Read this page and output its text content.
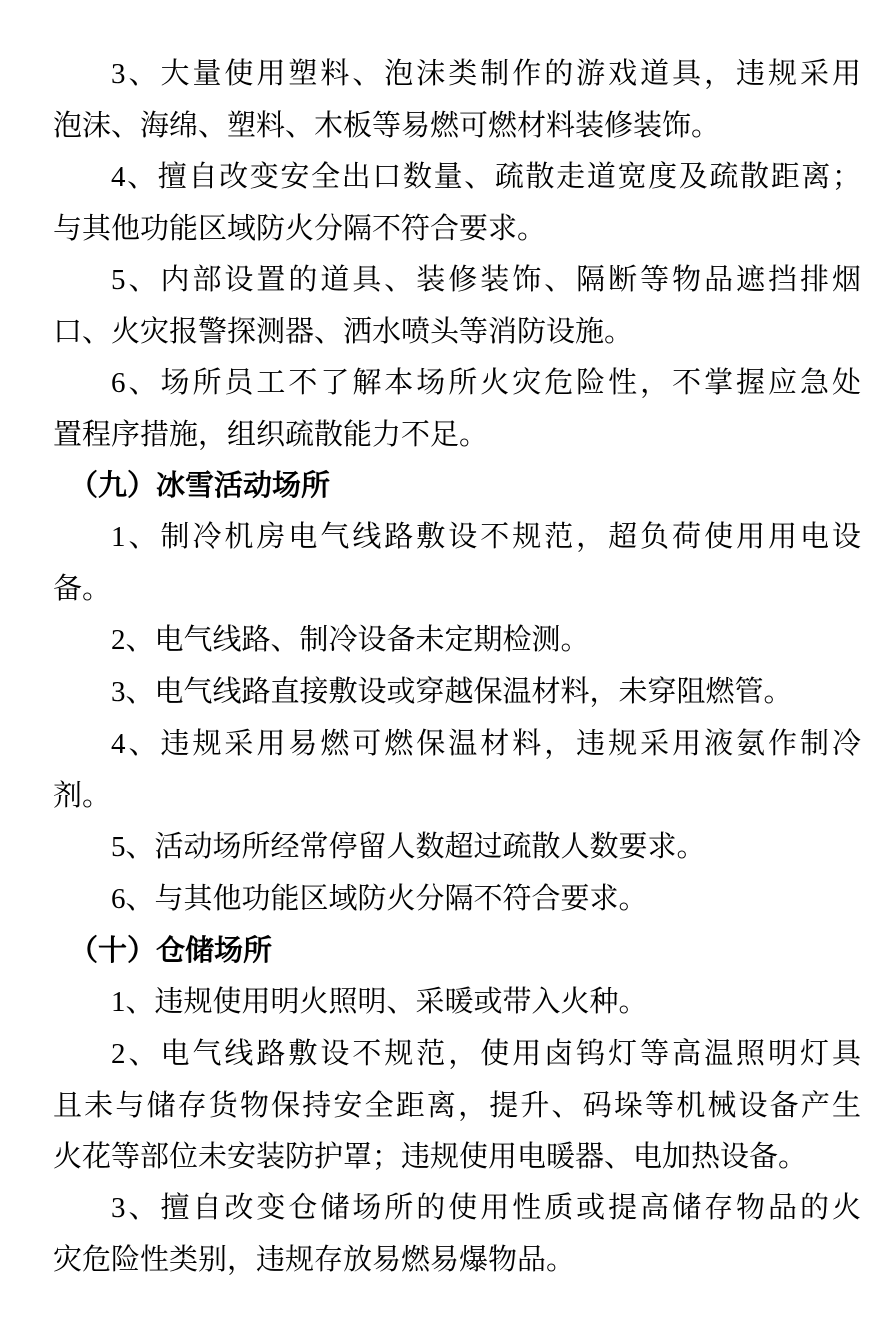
3、大量使用塑料、泡沫类制作的游戏道具，违规采用
泡沫、海绵、塑料、木板等易燃可燃材料装修装饰。
4、擅自改变安全出口数量、疏散走道宽度及疏散距离；
与其他功能区域防火分隔不符合要求。
5、内部设置的道具、装修装饰、隔断等物品遮挡排烟
口、火灾报警探测器、洒水喷头等消防设施。
6、场所员工不了解本场所火灾危险性，不掌握应急处
置程序措施，组织疏散能力不足。
（九）冰雪活动场所
1、制冷机房电气线路敷设不规范，超负荷使用用电设
备。
2、电气线路、制冷设备未定期检测。
3、电气线路直接敷设或穿越保温材料，未穿阻燃管。
4、违规采用易燃可燃保温材料，违规采用液氨作制冷
剂。
5、活动场所经常停留人数超过疏散人数要求。
6、与其他功能区域防火分隔不符合要求。
（十）仓储场所
1、违规使用明火照明、采暖或带入火种。
2、电气线路敷设不规范，使用卤钨灯等高温照明灯具
且未与储存货物保持安全距离，提升、码垛等机械设备产生
火花等部位未安装防护罩；违规使用电暖器、电加热设备。
3、擅自改变仓储场所的使用性质或提高储存物品的火
灾危险性类别，违规存放易燃易爆物品。
